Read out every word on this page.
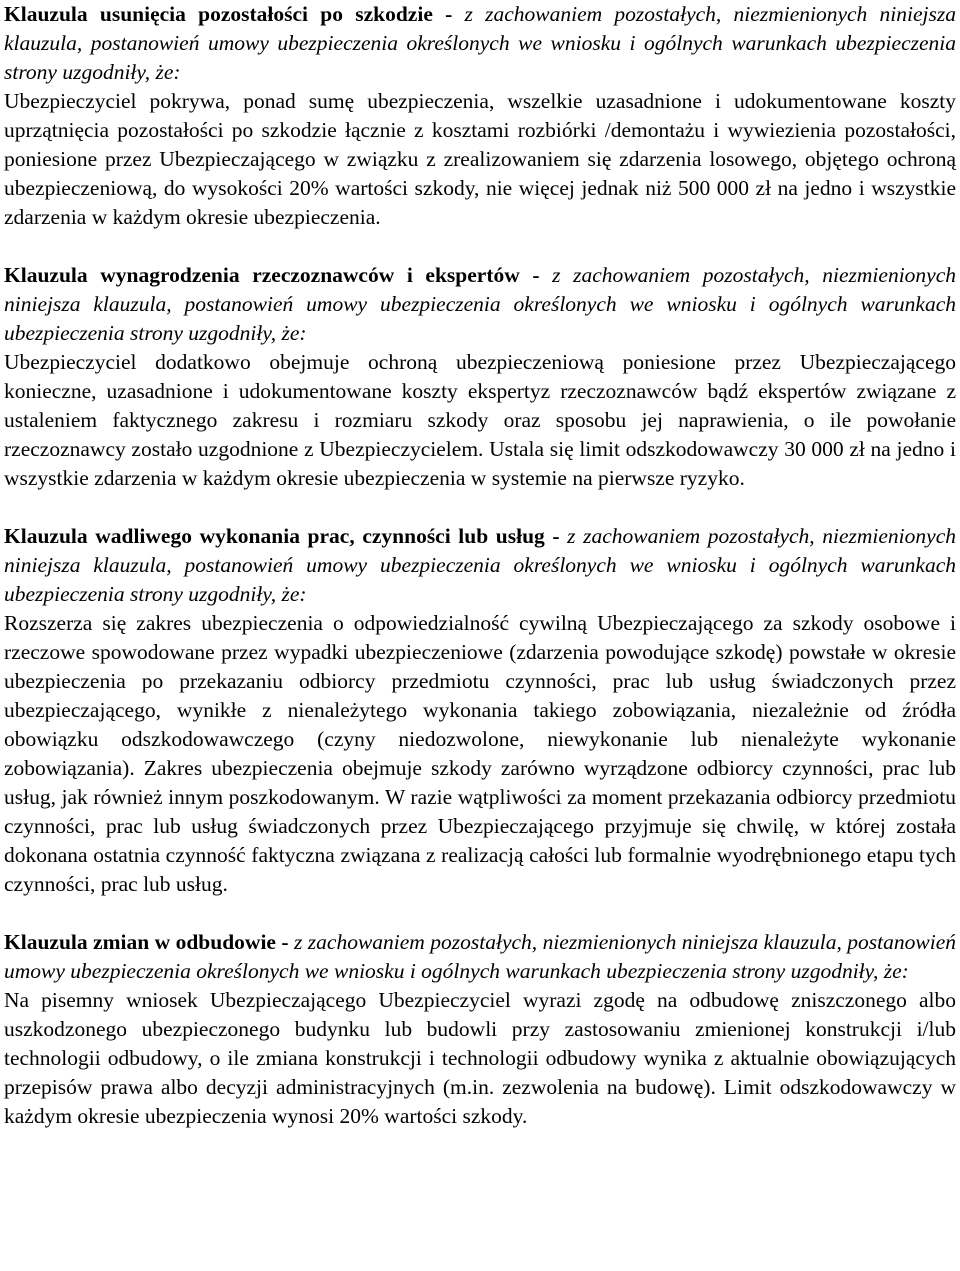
Klauzula usunięcia pozostałości po szkodzie - z zachowaniem pozostałych, niezmienionych niniejsza klauzula, postanowień umowy ubezpieczenia określonych we wniosku i ogólnych warunkach ubezpieczenia strony uzgodniły, że:

Ubezpieczyciel pokrywa, ponad sumę ubezpieczenia, wszelkie uzasadnione i udokumentowane koszty uprzątnięcia pozostałości po szkodzie łącznie z kosztami rozbiórki /demontażu i wywiezienia pozostałości, poniesione przez Ubezpieczającego w związku z zrealizowaniem się zdarzenia losowego, objętego ochroną ubezpieczeniową, do wysokości 20% wartości szkody, nie więcej jednak niż 500 000 zł na jedno i wszystkie zdarzenia w każdym okresie ubezpieczenia.

Klauzula wynagrodzenia rzeczoznawców i ekspertów - z zachowaniem pozostałych, niezmienionych niniejsza klauzula, postanowień umowy ubezpieczenia określonych we wniosku i ogólnych warunkach ubezpieczenia strony uzgodniły, że:

Ubezpieczyciel dodatkowo obejmuje ochroną ubezpieczeniową poniesione przez Ubezpieczającego konieczne, uzasadnione i udokumentowane koszty ekspertyz rzeczoznawców bądź ekspertów związane z ustaleniem faktycznego zakresu i rozmiaru szkody oraz sposobu jej naprawienia, o ile powołanie rzeczoznawcy zostało uzgodnione z Ubezpieczycielem. Ustala się limit odszkodowawczy 30 000 zł na jedno i wszystkie zdarzenia w każdym okresie ubezpieczenia w systemie na pierwsze ryzyko.

Klauzula wadliwego wykonania prac, czynności lub usług - z zachowaniem pozostałych, niezmienionych niniejsza klauzula, postanowień umowy ubezpieczenia określonych we wniosku i ogólnych warunkach ubezpieczenia strony uzgodniły, że:

Rozszerza się zakres ubezpieczenia o odpowiedzialność cywilną Ubezpieczającego za szkody osobowe i rzeczowe spowodowane przez wypadki ubezpieczeniowe (zdarzenia powodujące szkodę) powstałe w okresie ubezpieczenia po przekazaniu odbiorcy przedmiotu czynności, prac lub usług świadczonych przez ubezpieczającego, wynikłe z nienależytego wykonania takiego zobowiązania, niezależnie od źródła obowiązku odszkodowawczego (czyny niedozwolone, niewykonanie lub nienależyte wykonanie zobowiązania). Zakres ubezpieczenia obejmuje szkody zarówno wyrządzone odbiorcy czynności, prac lub usług, jak również innym poszkodowanym. W razie wątpliwości za moment przekazania odbiorcy przedmiotu czynności, prac lub usług świadczonych przez Ubezpieczającego przyjmuje się chwilę, w której została dokonana ostatnia czynność faktyczna związana z realizacją całości lub formalnie wyodrębnionego etapu tych czynności, prac lub usług.

Klauzula zmian w odbudowie - z zachowaniem pozostałych, niezmienionych niniejsza klauzula, postanowień umowy ubezpieczenia określonych we wniosku i ogólnych warunkach ubezpieczenia strony uzgodniły, że:

Na pisemny wniosek Ubezpieczającego Ubezpieczyciel wyrazi zgodę na odbudowę zniszczonego albo uszkodzonego ubezpieczonego budynku lub budowli przy zastosowaniu zmienionej konstrukcji i/lub technologii odbudowy, o ile zmiana konstrukcji i technologii odbudowy wynika z aktualnie obowiązujących przepisów prawa albo decyzji administracyjnych (m.in. zezwolenia na budowę). Limit odszkodowawczy w każdym okresie ubezpieczenia wynosi 20% wartości szkody.
